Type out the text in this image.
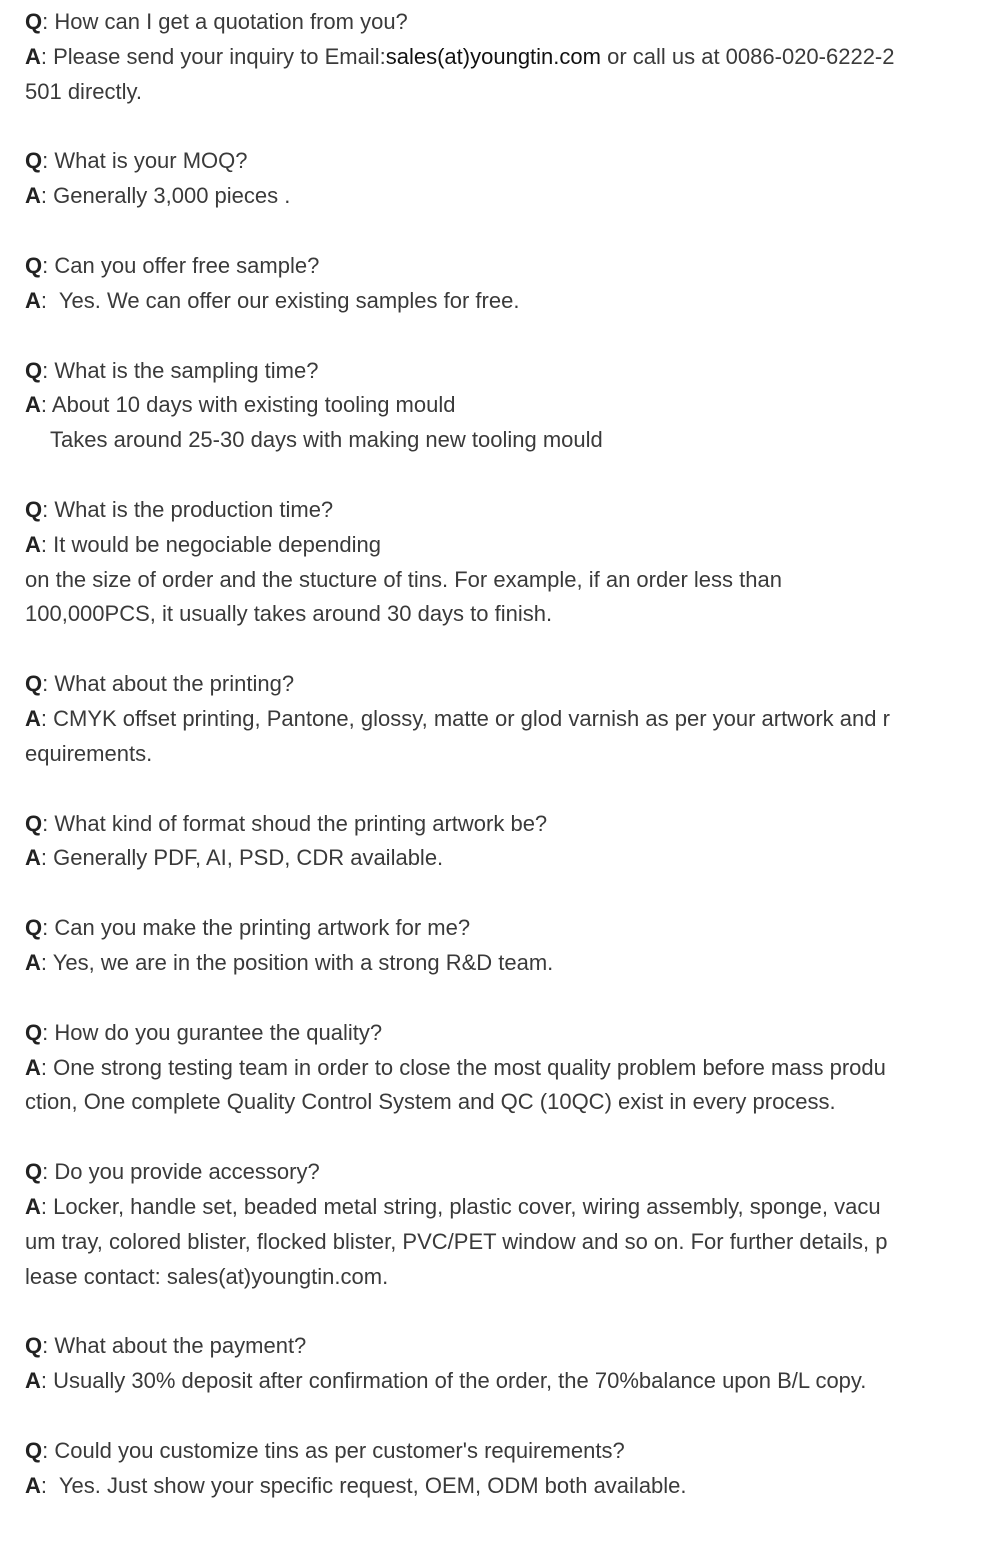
Q: How can I get a quotation from you?
A: Please send your inquiry to Email:sales(at)youngtin.com or call us at 0086-020-6222-2
501 directly.
Q: What is your MOQ?
A: Generally 3,000 pieces .
Q: Can you offer free sample?
A:  Yes. We can offer our existing samples for free.
Q: What is the sampling time?
A: About 10 days with existing tooling mould
Takes around 25-30 days with making new tooling mould
Q: What is the production time?
A: It would be negociable depending
on the size of order and the stucture of tins. For example, if an order less than
100,000PCS, it usually takes around 30 days to finish.
Q: What about the printing?
A: CMYK offset printing, Pantone, glossy, matte or glod varnish as per your artwork and r
equirements.
Q: What kind of format shoud the printing artwork be?
A: Generally PDF, AI, PSD, CDR available.
Q: Can you make the printing artwork for me?
A: Yes, we are in the position with a strong R&D team.
Q: How do you gurantee the quality?
A: One strong testing team in order to close the most quality problem before mass produ
ction, One complete Quality Control System and QC (10QC) exist in every process.
Q: Do you provide accessory?
A: Locker, handle set, beaded metal string, plastic cover, wiring assembly, sponge, vacu
um tray, colored blister, flocked blister, PVC/PET window and so on. For further details, p
lease contact: sales(at)youngtin.com.
Q: What about the payment?
A: Usually 30% deposit after confirmation of the order, the 70%balance upon B/L copy.
Q: Could you customize tins as per customer's requirements?
A:  Yes. Just show your specific request, OEM, ODM both available.
